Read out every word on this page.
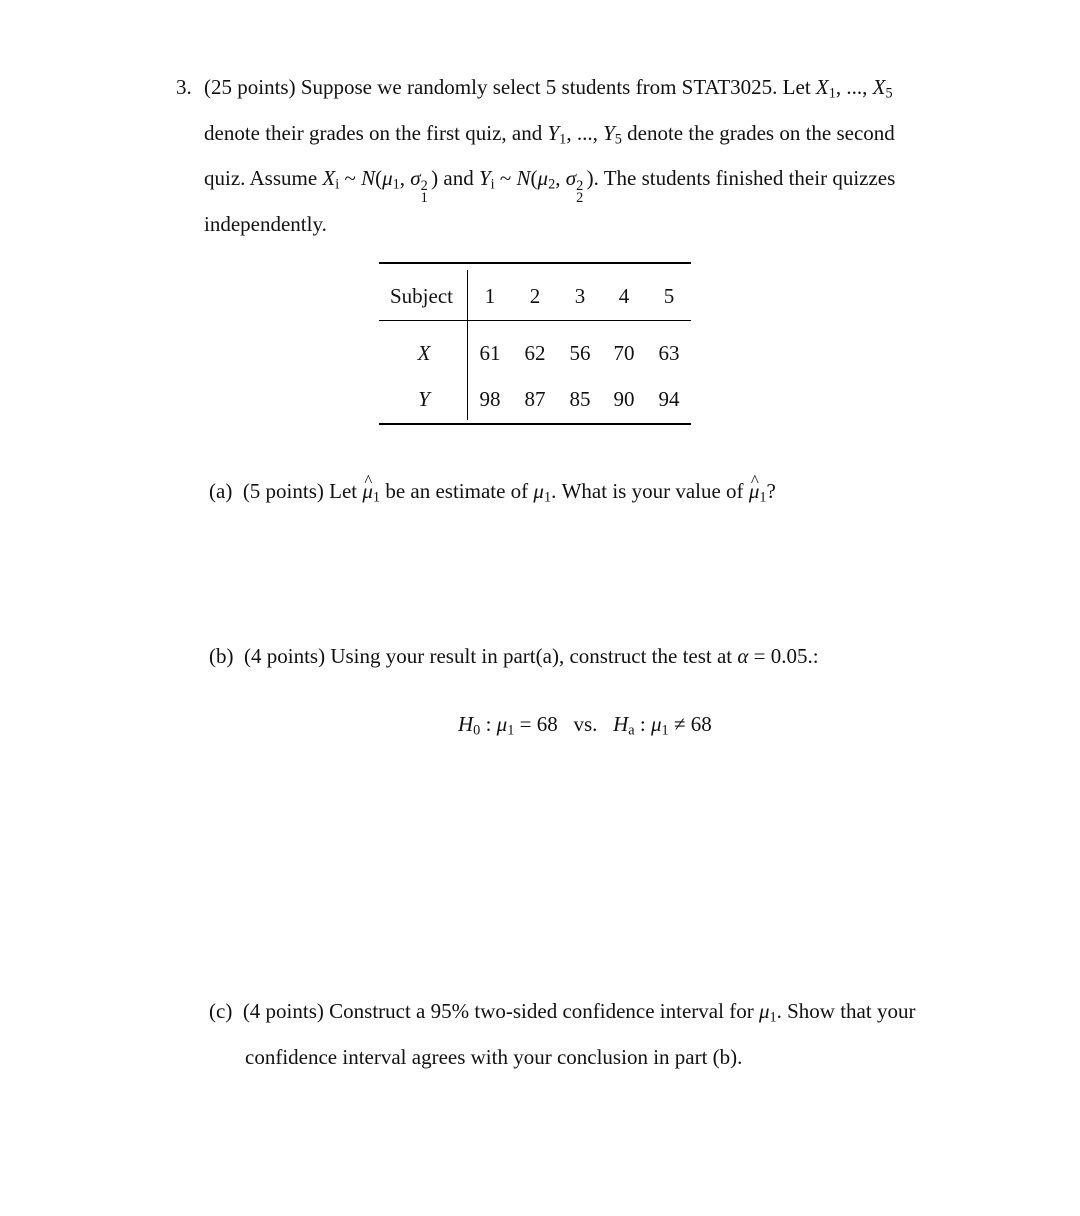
3. (25 points) Suppose we randomly select 5 students from STAT3025. Let $X_1$, ..., $X_5$
denote their grades on the first quiz, and $Y_1$, ..., $Y_5$ denote the grades on the second
quiz. Assume $X_i$ ~ $N(\mu_1$, σ 2
1
) and $Y_i$ ~ $N(\mu_2$, σ 2
2
). The students finished their quizzes
independently.
Subject 1 2 3 4 5
X 61 62 56 70 63
Y 98 87 85 90 94
(a) (5 points) Let ^ $\mu_1$ be an estimate of $\mu_1$. What is your value of ^ $\mu_1$?
(b) (4 points) Using your result in part(a), construct the test at α = 0.05.:
$H_0$ : $\mu_1 = 68$ vs. $H_a$ : $\mu_1 \ne 68$
(c) (4 points) Construct a 95% two-sided confidence interval for $\mu_1$. Show that your
confidence interval agrees with your conclusion in part (b).
